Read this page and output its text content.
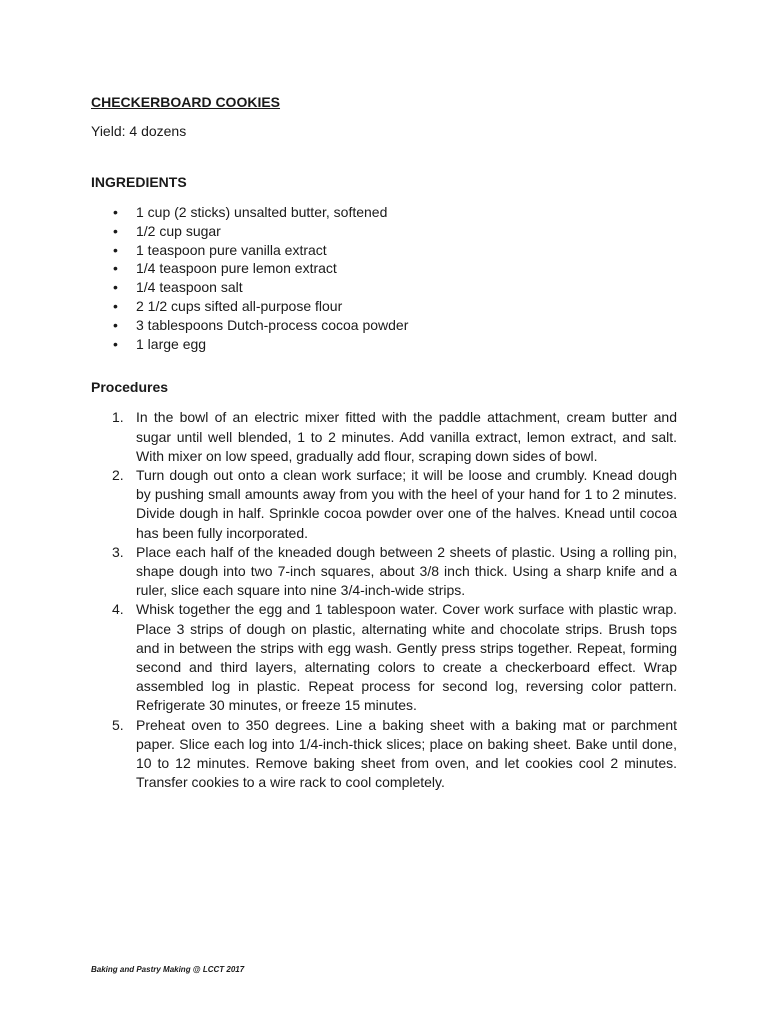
CHECKERBOARD COOKIES

Yield: 4 dozens

INGREDIENTS
• 1 cup (2 sticks) unsalted butter, softened
• 1/2 cup sugar
• 1 teaspoon pure vanilla extract
• 1/4 teaspoon pure lemon extract
• 1/4 teaspoon salt
• 2 1/2 cups sifted all-purpose flour
• 3 tablespoons Dutch-process cocoa powder
• 1 large egg
Procedures
1. In the bowl of an electric mixer fitted with the paddle attachment, cream butter and sugar until well blended, 1 to 2 minutes. Add vanilla extract, lemon extract, and salt. With mixer on low speed, gradually add flour, scraping down sides of bowl.
2. Turn dough out onto a clean work surface; it will be loose and crumbly. Knead dough by pushing small amounts away from you with the heel of your hand for 1 to 2 minutes. Divide dough in half. Sprinkle cocoa powder over one of the halves. Knead until cocoa has been fully incorporated.
3. Place each half of the kneaded dough between 2 sheets of plastic. Using a rolling pin, shape dough into two 7-inch squares, about 3/8 inch thick. Using a sharp knife and a ruler, slice each square into nine 3/4-inch-wide strips.
4. Whisk together the egg and 1 tablespoon water. Cover work surface with plastic wrap. Place 3 strips of dough on plastic, alternating white and chocolate strips. Brush tops and in between the strips with egg wash. Gently press strips together. Repeat, forming second and third layers, alternating colors to create a checkerboard effect. Wrap assembled log in plastic. Repeat process for second log, reversing color pattern. Refrigerate 30 minutes, or freeze 15 minutes.
5. Preheat oven to 350 degrees. Line a baking sheet with a baking mat or parchment paper. Slice each log into 1/4-inch-thick slices; place on baking sheet. Bake until done, 10 to 12 minutes. Remove baking sheet from oven, and let cookies cool 2 minutes. Transfer cookies to a wire rack to cool completely.
Baking and Pastry Making @ LCCT 2017
